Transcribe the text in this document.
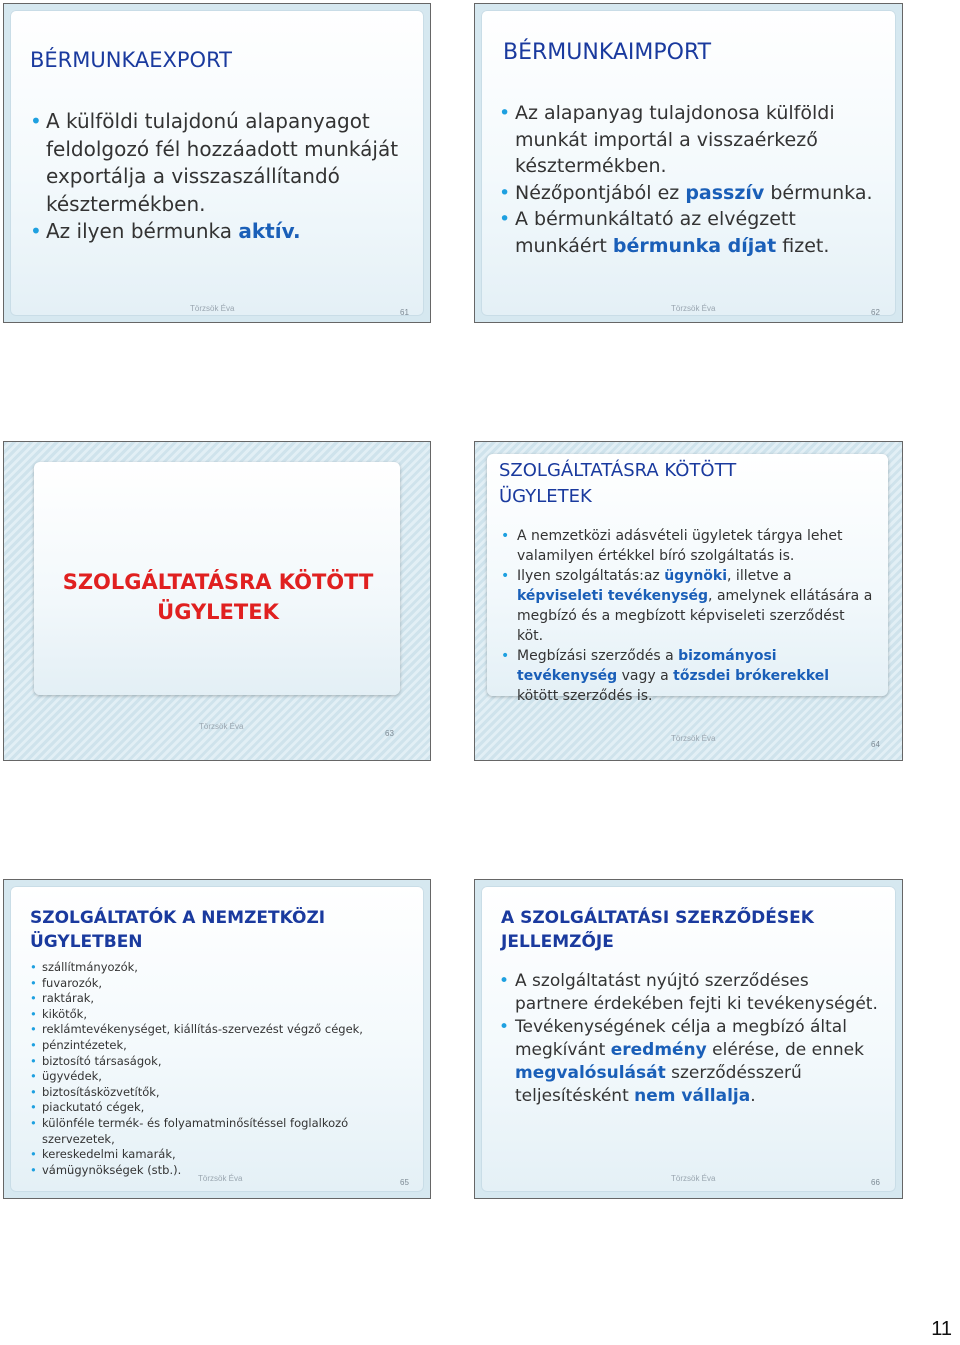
BÉRMUNKAEXPORT
• A külföldi tulajdonú alapanyagot feldolgozó fél hozzáadott munkáját exportálja a visszaszállítandó késztermékben.
• Az ilyen bérmunka aktív.
Törzsök Éva	61
BÉRMUNKAIMPORT
• Az alapanyag tulajdonosa külföldi munkát importál a visszaérkező késztermékben.
• Nézőpontjából ez passzív bérmunka.
• A bérmunkáltató az elvégzett munkáért bérmunka díjat fizet.
Törzsök Éva	62
SZOLGÁLTATÁSRA KÖTÖTT ÜGYLETEK
Törzsök Éva
63
SZOLGÁLTATÁSRA KÖTÖTT ÜGYLETEK
• A nemzetközi adásvételi ügyletek tárgya lehet valamilyen értékkel bíró szolgáltatás is.
• Ilyen szolgáltatás:az ügynöki, illetve a képviseleti tevékenység, amelynek ellátására a megbízó és a megbízott képviseleti szerződést köt.
• Megbízási szerződés a bizományosi tevékenység vagy a tőzsdei brókerekkel kötött szerződés is.
Törzsök Éva
64
SZOLGÁLTATÓK A NEMZETKÖZI ÜGYLETBEN
• szállítmányozók,
• fuvarozók,
• raktárak,
• kikötők,
• reklámtevékenységet, kiállítás-szervezést végző cégek,
• pénzintézetek,
• biztosító társaságok,
• ügyvédek,
• biztosításközvetítők,
• piackutató cégek,
• különféle termék- és folyamatminősítéssel foglalkozó szervezetek,
• kereskedelmi kamarák,
• vámügynökségek (stb.).
Törzsök Éva	65
A SZOLGÁLTATÁSI SZERZŐDÉSEK JELLEMZŐJE
• A szolgáltatást nyújtó szerződéses partnere érdekében fejti ki tevékenységét.
• Tevékenységének célja a megbízó által megkívánt eredmény elérése, de ennek megvalósulását szerződésszerű teljesítésként nem vállalja.
Törzsök Éva	66
11
